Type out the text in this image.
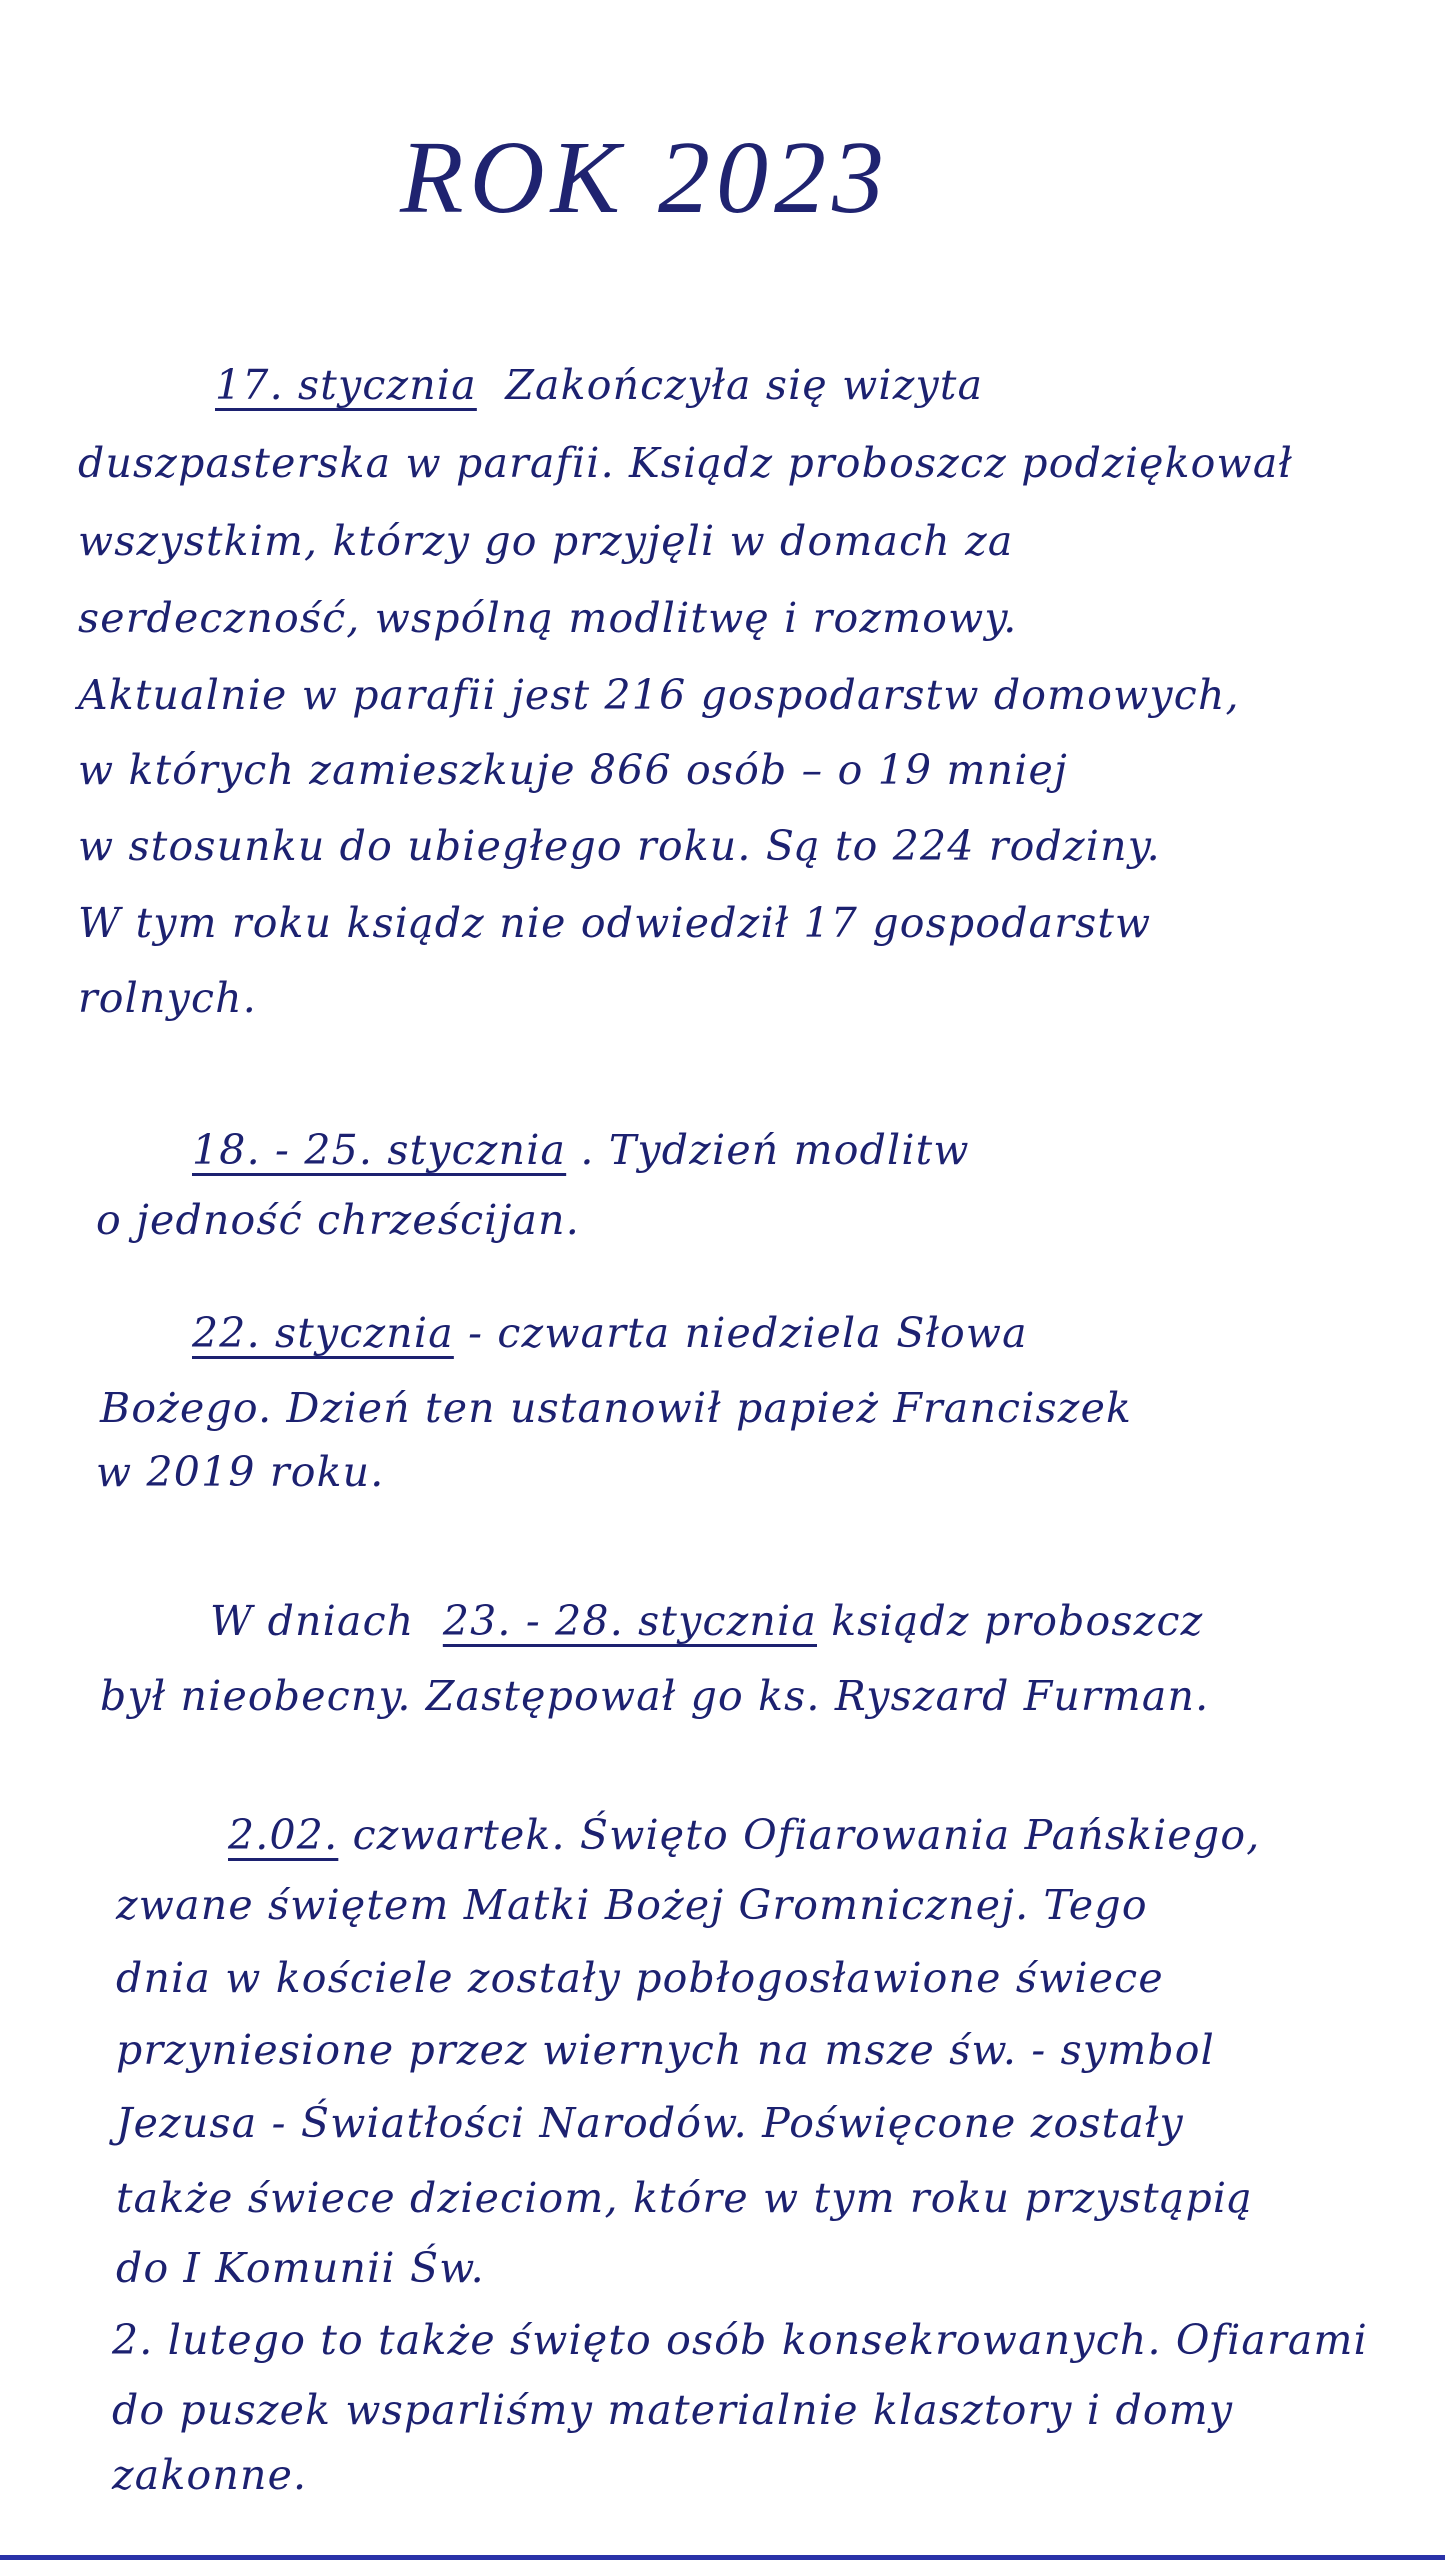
ROK 2023
17. stycznia Zakończyła się wizyta
duszpasterska w parafii. Ksiądz proboszcz podziękował
wszystkim, którzy go przyjęli w domach za
serdeczność, wspólną modlitwę i rozmowy.
Aktualnie w parafii jest 216 gospodarstw domowych,
w których zamieszkuje 866 osób – o 19 mniej
w stosunku do ubiegłego roku. Są to 224 rodziny.
W tym roku ksiądz nie odwiedził 17 gospodarstw
rolnych.
18. - 25. stycznia . Tydzień modlitw
o jedność chrześcijan.
22. stycznia - czwarta niedziela Słowa
Bożego. Dzień ten ustanowił papież Franciszek
w 2019 roku.
W dniach 23. - 28. stycznia ksiądz proboszcz
był nieobecny. Zastępował go ks. Ryszard Furman.
2.02. czwartek. Święto Ofiarowania Pańskiego,
zwane świętem Matki Bożej Gromnicznej. Tego
dnia w kościele zostały pobłogosławione świece
przyniesione przez wiernych na msze św. - symbol
Jezusa - Światłości Narodów. Poświęcone zostały
także świece dzieciom, które w tym roku przystąpią
do I Komunii Św.
2. lutego to także święto osób konsekrowanych. Ofiarami
do puszek wsparliśmy materialnie klasztory i domy
zakonne.
